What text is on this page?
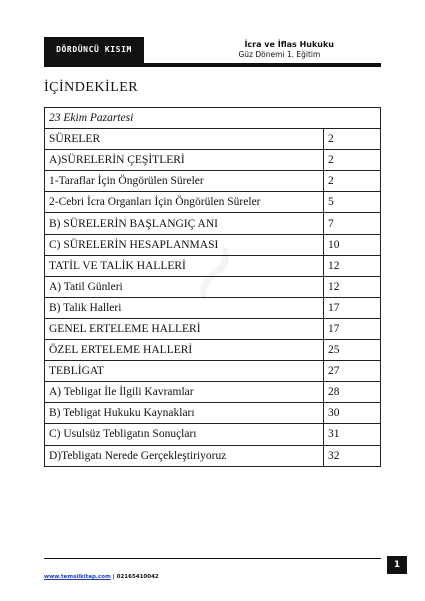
DÖRDÜNCÜ KISIM
İcra ve İflas Hukuku
Güz Dönemi 1. Eğitim
İÇİNDEKİLER
23 Ekim Pazartesi	
SÜRELER	2
A)SÜRELERİN ÇEŞİTLERİ	2
1-Taraflar İçin Öngörülen Süreler	2
2-Cebri İcra Organları İçin Öngörülen Süreler	5
B) SÜRELERİN BAŞLANGIÇ ANI	7
C) SÜRELERİN HESAPLANMASI	10
TATİL VE TALİK HALLERİ	12
A) Tatil Günleri	12
B) Talik Halleri	17
GENEL ERTELEME HALLERİ	17
ÖZEL ERTELEME HALLERİ	25
TEBLİGAT	27
A) Tebligat İle İlgili Kavramlar	28
B) Tebligat Hukuku Kaynakları	30
C) Usulsüz Tebligatın Sonuçları	31
D)Tebligatı Nerede Gerçekleştiriyoruz	32
www.temsilkitap.com | 02165410042
1
